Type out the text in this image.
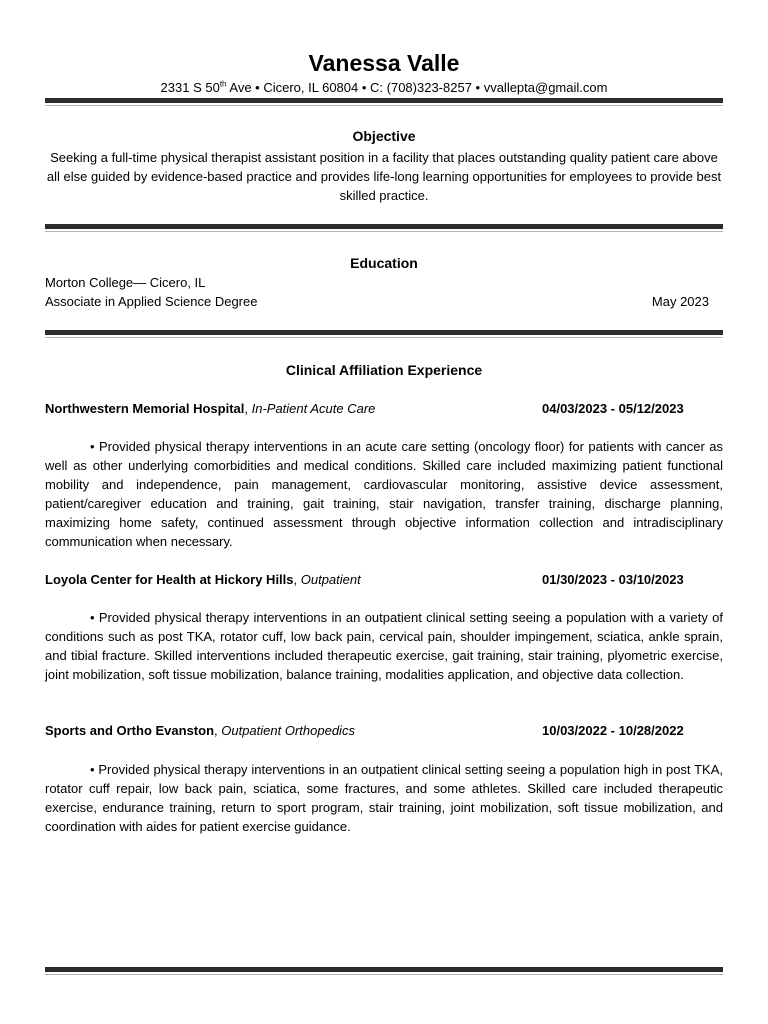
Vanessa Valle
2331 S 50th Ave • Cicero, IL 60804 • C: (708)323-8257 • vvallepta@gmail.com
Objective
Seeking a full-time physical therapist assistant position in a facility that places outstanding quality patient care above all else guided by evidence-based practice and provides life-long learning opportunities for employees to provide best skilled practice.
Education
Morton College— Cicero, IL
Associate in Applied Science Degree	May 2023
Clinical Affiliation Experience
Northwestern Memorial Hospital, In-Patient Acute Care	04/03/2023 - 05/12/2023
• Provided physical therapy interventions in an acute care setting (oncology floor) for patients with cancer as well as other underlying comorbidities and medical conditions. Skilled care included maximizing patient functional mobility and independence, pain management, cardiovascular monitoring, assistive device assessment, patient/caregiver education and training, gait training, stair navigation, transfer training, discharge planning, maximizing home safety, continued assessment through objective information collection and intradisciplinary communication when necessary.
Loyola Center for Health at Hickory Hills, Outpatient	01/30/2023 - 03/10/2023
• Provided physical therapy interventions in an outpatient clinical setting seeing a population with a variety of conditions such as post TKA, rotator cuff, low back pain, cervical pain, shoulder impingement, sciatica, ankle sprain, and tibial fracture. Skilled interventions included therapeutic exercise, gait training, stair training, plyometric exercise, joint mobilization, soft tissue mobilization, balance training, modalities application, and objective data collection.
Sports and Ortho Evanston, Outpatient Orthopedics	10/03/2022 - 10/28/2022
• Provided physical therapy interventions in an outpatient clinical setting seeing a population high in post TKA, rotator cuff repair, low back pain, sciatica, some fractures, and some athletes. Skilled care included therapeutic exercise, endurance training, return to sport program, stair training, joint mobilization, soft tissue mobilization, and coordination with aides for patient exercise guidance.
